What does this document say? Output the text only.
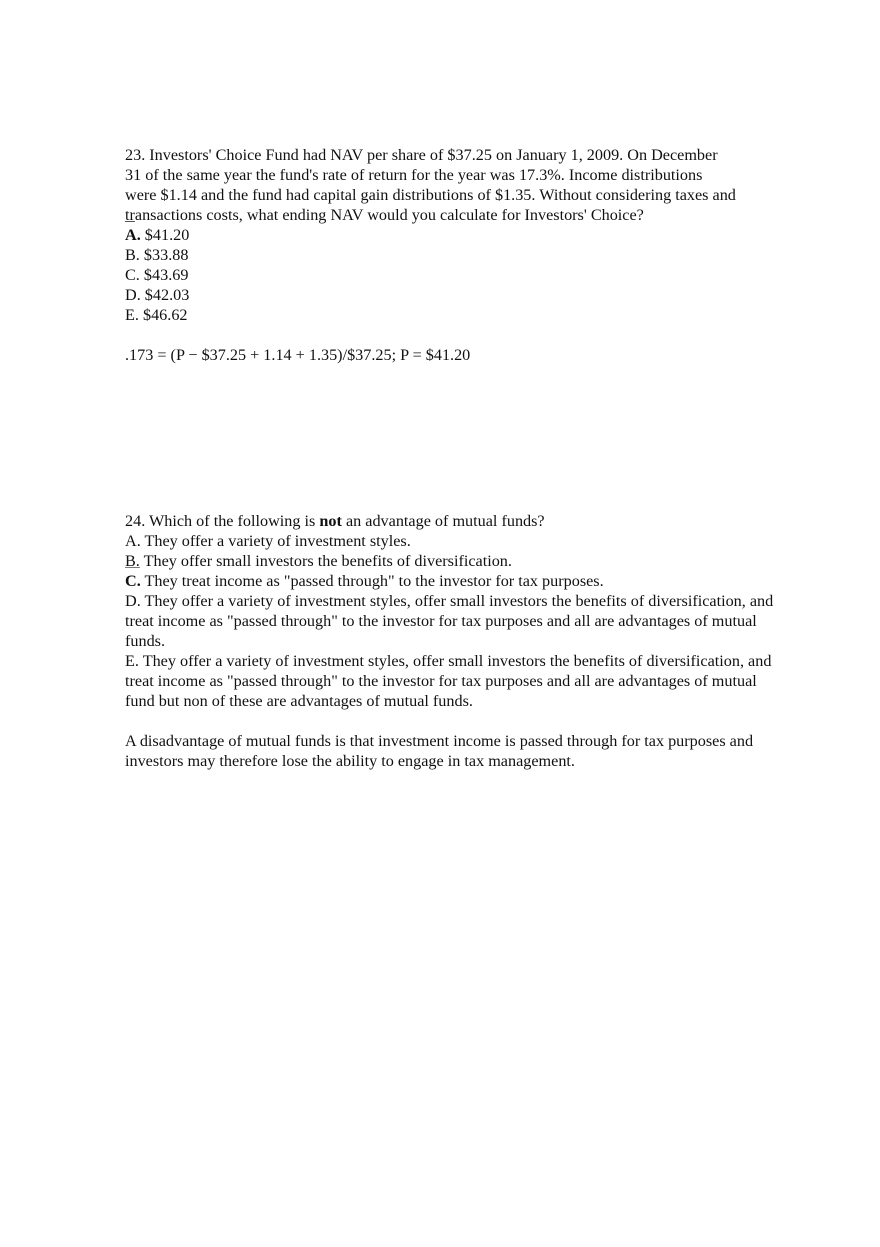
23. Investors' Choice Fund had NAV per share of $37.25 on January 1, 2009. On December
31 of the same year the fund's rate of return for the year was 17.3%. Income distributions
were $1.14 and the fund had capital gain distributions of $1.35. Without considering taxes and
transactions costs, what ending NAV would you calculate for Investors' Choice?
A. $41.20
B. $33.88
C. $43.69
D. $42.03
E. $46.62

.173 = (P − $37.25 + 1.14 + 1.35)/$37.25; P = $41.20

24. Which of the following is not an advantage of mutual funds?
A. They offer a variety of investment styles.
B. They offer small investors the benefits of diversification.
C. They treat income as "passed through" to the investor for tax purposes.
D. They offer a variety of investment styles, offer small investors the benefits of diversification, and treat income as "passed through" to the investor for tax purposes and all are advantages of mutual funds.
E. They offer a variety of investment styles, offer small investors the benefits of diversification, and treat income as "passed through" to the investor for tax purposes and all are advantages of mutual fund but non of these are advantages of mutual funds.

A disadvantage of mutual funds is that investment income is passed through for tax purposes and investors may therefore lose the ability to engage in tax management.
